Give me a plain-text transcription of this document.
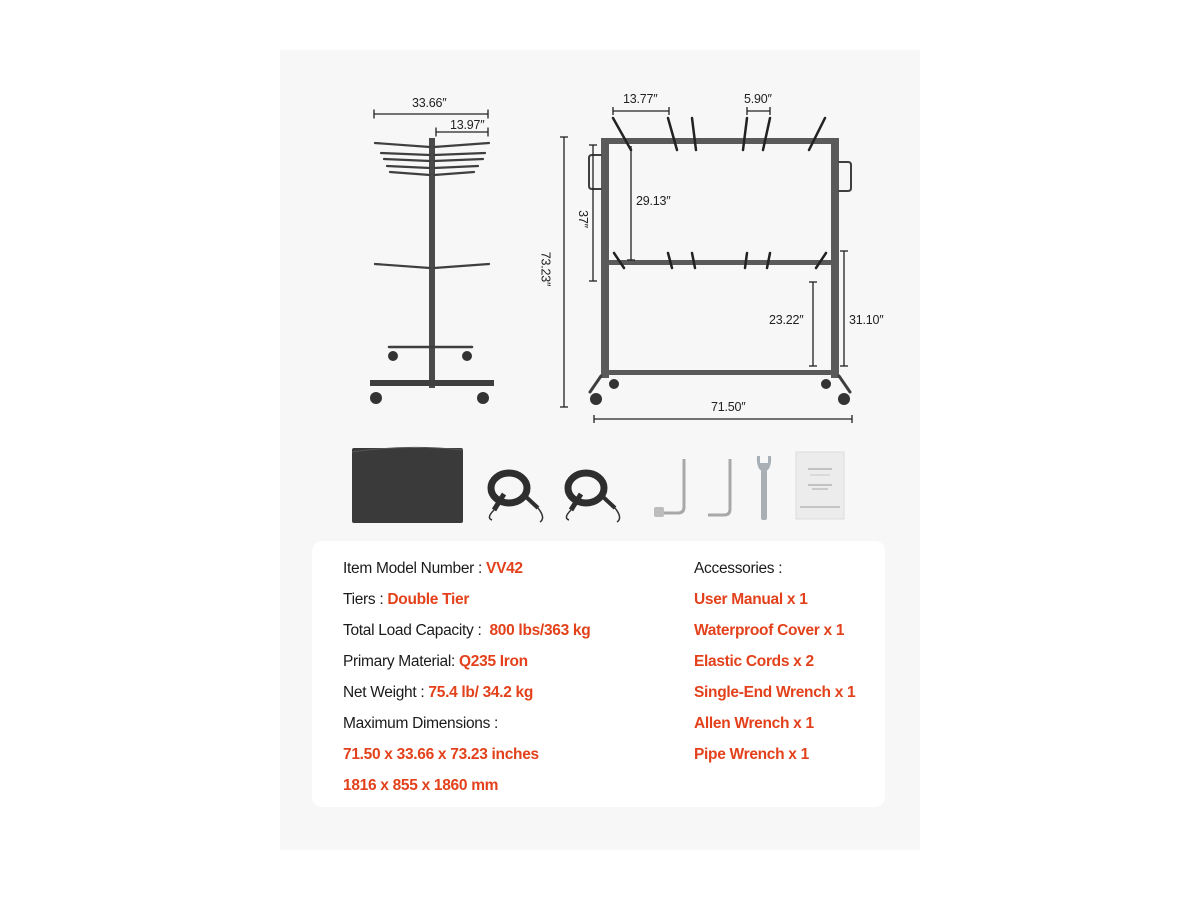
33.66″
13.97″
13.77″	5.90″
29.13″
37″
73.23″
23.22″	31.10″
71.50″
Item Model Number : VV42
Tiers : Double Tier
Total Load Capacity :  800 lbs/363 kg
Primary Material: Q235 Iron
Net Weight : 75.4 lb/ 34.2 kg
Maximum Dimensions :
71.50 x 33.66 x 73.23 inches
1816 x 855 x 1860 mm
Accessories :
User Manual x 1
Waterproof Cover x 1
Elastic Cords x 2
Single-End Wrench x 1
Allen Wrench x 1
Pipe Wrench x 1
